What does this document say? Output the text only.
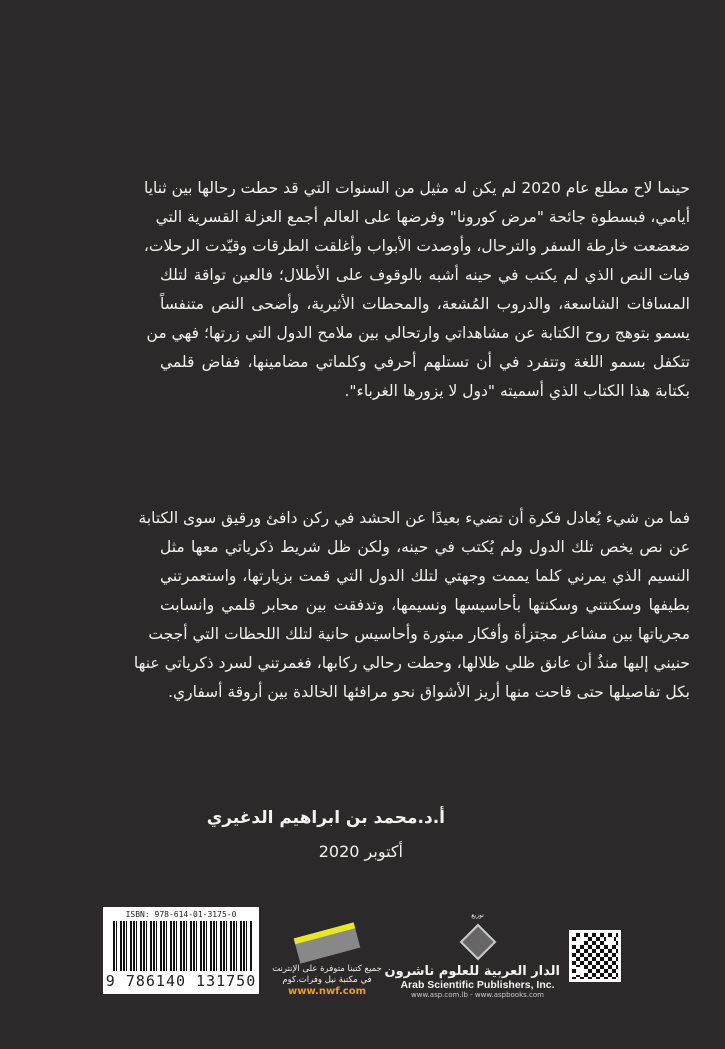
حينما لاح مطلع عام 2020 لم يكن له مثيل من السنوات التي قد حطت رحالها بين ثنايا
أيامي، فبسطوة جائحة "مرض كورونا" وفرضها على العالم أجمع العزلة القسرية التي
ضعضعت خارطة السفر والترحال، وأوصدت الأبواب وأغلقت الطرقات وقيّدت الرحلات،
فبات النص الذي لم يكتب في حينه أشبه بالوقوف على الأطلال؛ فالعين تواقة لتلك
المسافات الشاسعة، والدروب المُشعة، والمحطات الأثيرية، وأضحى النص متنفساً
يسمو بتوهج روح الكتابة عن مشاهداتي وارتحالي بين ملامح الدول التي زرتها؛ فهي من
تتكفل بسمو اللغة وتتفرد في أن تستلهم أحرفي وكلماتي مضامينها، ففاض قلمي
بكتابة هذا الكتاب الذي أسميته "دول لا يزورها الغرباء".
فما من شيء يُعادل فكرة أن تضيء بعيدًا عن الحشد في ركن دافئ ورقيق سوى الكتابة
عن نص يخص تلك الدول ولم يُكتب في حينه، ولكن ظل شريط ذكرياتي معها مثل
النسيم الذي يمرني كلما يممت وجهتي لتلك الدول التي قمت بزيارتها، واستعمرتني
بطيفها وسكنتني وسكنتها بأحاسيسها ونسيمها، وتدفقت بين محابر قلمي وانسابت
مجرياتها بين مشاعر مجتزأة وأفكار مبتورة وأحاسيس حانية لتلك اللحظات التي أججت
حنيني إليها منذُ أن عانق ظلي ظلالها، وحطت رحالي ركابها، فغمرتني لسرد ذكرياتي عنها
بكل تفاصيلها حتى فاحت منها أريز الأشواق نحو مرافئها الخالدة بين أروقة أسفاري.
أ.د.محمد بن ابراهيم الدغيري
أكتوبر 2020
ISBN: 978-614-01-3175-0
9 786140 131750
جميع كتبنا متوفرة على الإنترنت
في مكتبة نيل وفرات.كوم
www.nwf.com
توزيع
الدار العربية للعلوم ناشرون
Arab Scientific Publishers, Inc.
www.asp.com.lb - www.aspbooks.com
